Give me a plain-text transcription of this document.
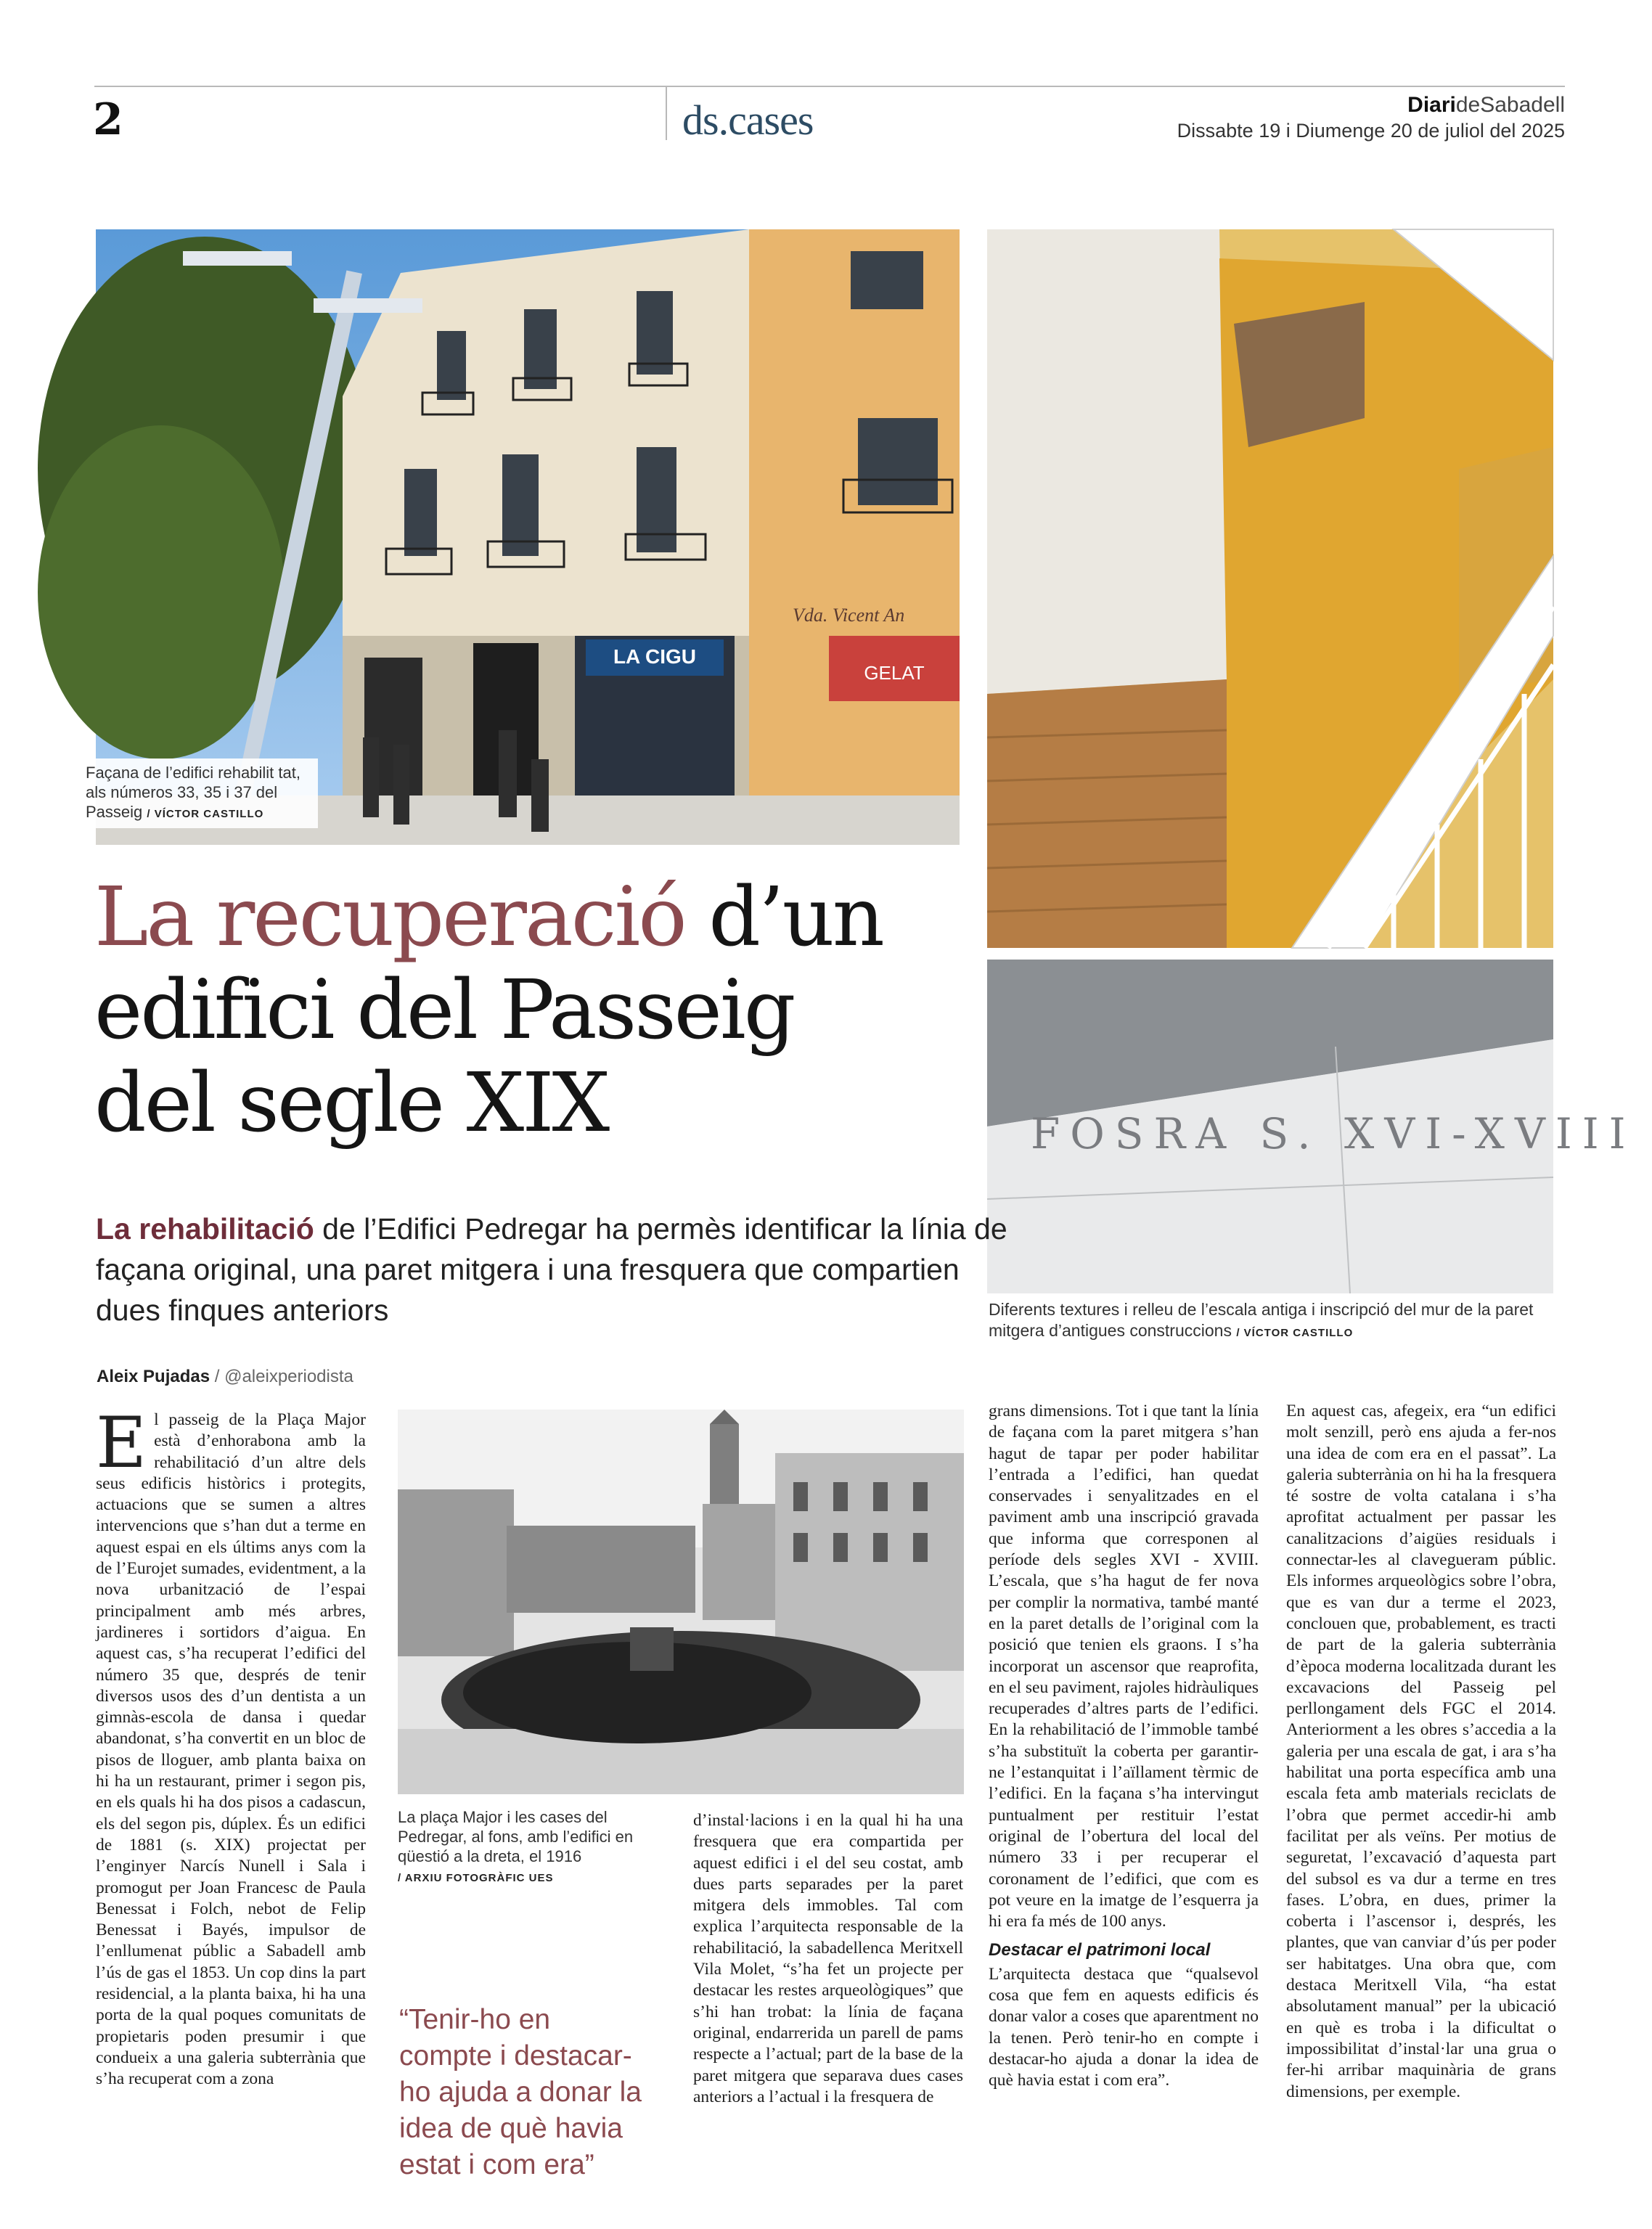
2	ds.cases	DiarideSabadell
Dissabte 19 i Diumenge 20 de juliol del 2025
GELAT
Vda. Vicent An
LA CIGU
Façana de l’edifici rehabilit tat, als números 33, 35 i 37 del Passeig / VÍCTOR CASTILLO
FOSRA S. XVI-XVIII
Diferents textures i relleu de l’escala antiga i inscripció del mur de la paret mitgera d’antigues construccions / VÍCTOR CASTILLO
La recuperació d’un
edifici del Passeig
del segle XIX
La rehabilitació de l’Edifici Pedregar ha permès identificar la línia de façana original, una paret mitgera i una fresquera que compartien dues finques anteriors
Aleix Pujadas / @aleixperiodista
E l passeig de la Plaça Major està d’enhorabona amb la rehabilitació d’un altre dels seus edificis històrics i protegits, actuacions que se sumen a altres intervencions que s’han dut a terme en aquest espai en els últims anys com la de l’Eurojet sumades, evidentment, a la nova urbanització de l’espai principalment amb més arbres, jardineres i sortidors d’aigua. En aquest cas, s’ha recuperat l’edifici del número 35 que, després de tenir diversos usos des d’un dentista a un gimnàs-escola de dansa i quedar abandonat, s’ha convertit en un bloc de pisos de lloguer, amb planta baixa on hi ha un restaurant, primer i segon pis, en els quals hi ha dos pisos a cadascun, els del segon pis, dúplex. És un edifici de 1881 (s. XIX) projectat per l’enginyer Narcís Nunell i Sala i promogut per Joan Francesc de Paula Benessat i Folch, nebot de Felip Benessat i Bayés, impulsor de l’enllumenat públic a Sabadell amb l’ús de gas el 1853. Un cop dins la part residencial, a la planta baixa, hi ha una porta de la qual poques comunitats de propietaris poden presumir i que condueix a una galeria subterrània que s’ha recuperat com a zona

La plaça Major i les cases del Pedregar, al fons, amb l’edifici en qüestió a la dreta, el 1916
/ ARXIU FOTOGRÀFIC UES
“Tenir-ho en compte i destacar-ho ajuda a donar la idea de què havia estat i com era”

d’instal·lacions i en la qual hi ha una fresquera que era compartida per aquest edifici i el del seu costat, amb dues parts separades per la paret mitgera dels immobles. Tal com explica l’arquitecta responsable de la rehabilitació, la sabadellenca Meritxell Vila Molet, “s’ha fet un projecte per destacar les restes arqueològiques” que s’hi han trobat: la línia de façana original, endarrerida un parell de pams respecte a l’actual; part de la base de la paret mitgera que separava dues cases anteriors a l’actual i la fresquera de

grans dimensions. Tot i que tant la línia de façana com la paret mitgera s’han hagut de tapar per poder habilitar l’entrada a l’edifici, han quedat conservades i senyalitzades en el paviment amb una inscripció gravada que informa que corresponen al període dels segles XVI - XVIII. L’escala, que s’ha hagut de fer nova per complir la normativa, també manté en la paret detalls de l’original com la posició que tenien els graons. I s’ha incorporat un ascensor que reaprofita, en el seu paviment, rajoles hidràuliques recuperades d’altres parts de l’edifici. En la rehabilitació de l’immoble també s’ha substituït la coberta per garantir-ne l’estanquitat i l’aïllament tèrmic de l’edifici. En la façana s’ha intervingut puntualment per restituir l’estat original de l’obertura del local del número 33 i per recuperar el coronament de l’edifici, que com es pot veure en la imatge de l’esquerra ja hi era fa més de 100 anys.

Destacar el patrimoni local

L’arquitecta destaca que “qualsevol cosa que fem en aquests edificis és donar valor a coses que aparentment no la tenen. Però tenir-ho en compte i destacar-ho ajuda a donar la idea de què havia estat i com era”.

En aquest cas, afegeix, era “un edifici molt senzill, però ens ajuda a fer-nos una idea de com era en el passat”. La galeria subterrània on hi ha la fresquera té sostre de volta catalana i s’ha aprofitat actualment per passar les canalitzacions d’aigües residuals i connectar-les al clavegueram públic. Els informes arqueològics sobre l’obra, que es van dur a terme el 2023, conclouen que, probablement, es tracti de part de la galeria subterrània d’època moderna localitzada durant les excavacions del Passeig pel perllongament dels FGC el 2014. Anteriorment a les obres s’accedia a la galeria per una escala de gat, i ara s’ha habilitat una porta específica amb una escala feta amb materials reciclats de l’obra que permet accedir-hi amb facilitat per als veïns. Per motius de seguretat, l’excavació d’aquesta part del subsol es va dur a terme en tres fases. L’obra, en dues, primer la coberta i l’ascensor i, després, les plantes, que van canviar d’ús per poder ser habitatges. Una obra que, com destaca Meritxell Vila, “ha estat absolutament manual” per la ubicació en què es troba i la dificultat o impossibilitat d’instal·lar una grua o fer-hi arribar maquinària de grans dimensions, per exemple.
